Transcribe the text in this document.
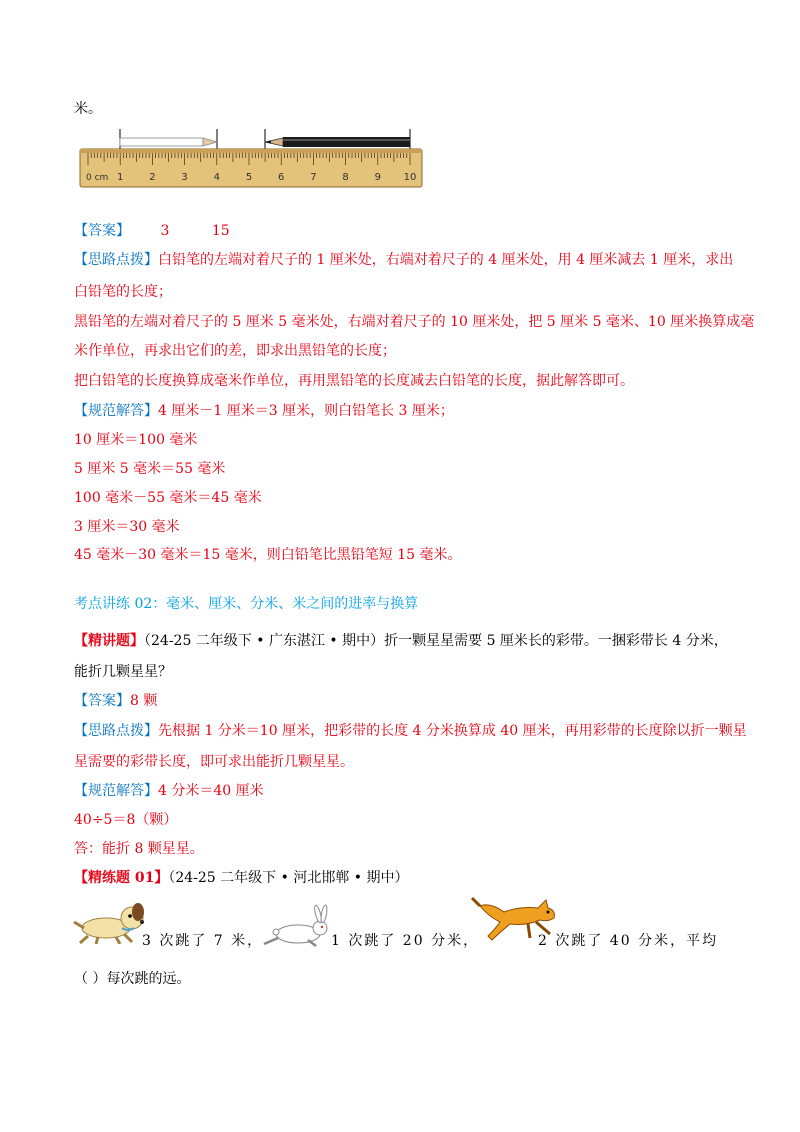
米。
0 cm 1	2	3	4	5	6	7	8	9 10
【答案】 3	15
【思路点拨】白铅笔的左端对着尺子的 1 厘米处，右端对着尺子的 4 厘米处，用 4 厘米减去 1 厘米，求出
白铅笔的长度；
黑铅笔的左端对着尺子的 5 厘米 5 毫米处，右端对着尺子的 10 厘米处，把 5 厘米 5 毫米、10 厘米换算成毫
米作单位，再求出它们的差，即求出黑铅笔的长度；
把白铅笔的长度换算成毫米作单位，再用黑铅笔的长度减去白铅笔的长度，据此解答即可。
【规范解答】4 厘米－1 厘米＝3 厘米，则白铅笔长 3 厘米；
10 厘米＝100 毫米
5 厘米 5 毫米＝55 毫米
100 毫米－55 毫米＝45 毫米
3 厘米＝30 毫米
45 毫米－30 毫米＝15 毫米，则白铅笔比黑铅笔短 15 毫米。
考点讲练 02：毫米、厘米、分米、米之间的进率与换算
【精讲题】（24-25 二年级下 • 广东湛江 • 期中）折一颗星星需要 5 厘米长的彩带。一捆彩带长 4 分米，
能折几颗星星？
【答案】8 颗
【思路点拨】先根据 1 分米＝10 厘米，把彩带的长度 4 分米换算成 40 厘米，再用彩带的长度除以折一颗星
星需要的彩带长度，即可求出能折几颗星星。
【规范解答】4 分米＝40 厘米
40÷5＝8（颗）
答：能折 8 颗星星。
【精练题 01】（24-25 二年级下 • 河北邯郸 • 期中）
3 次跳了 7 米，	1 次跳了 20 分米，	2 次跳了 40 分米，平均
（ ）每次跳的远。
